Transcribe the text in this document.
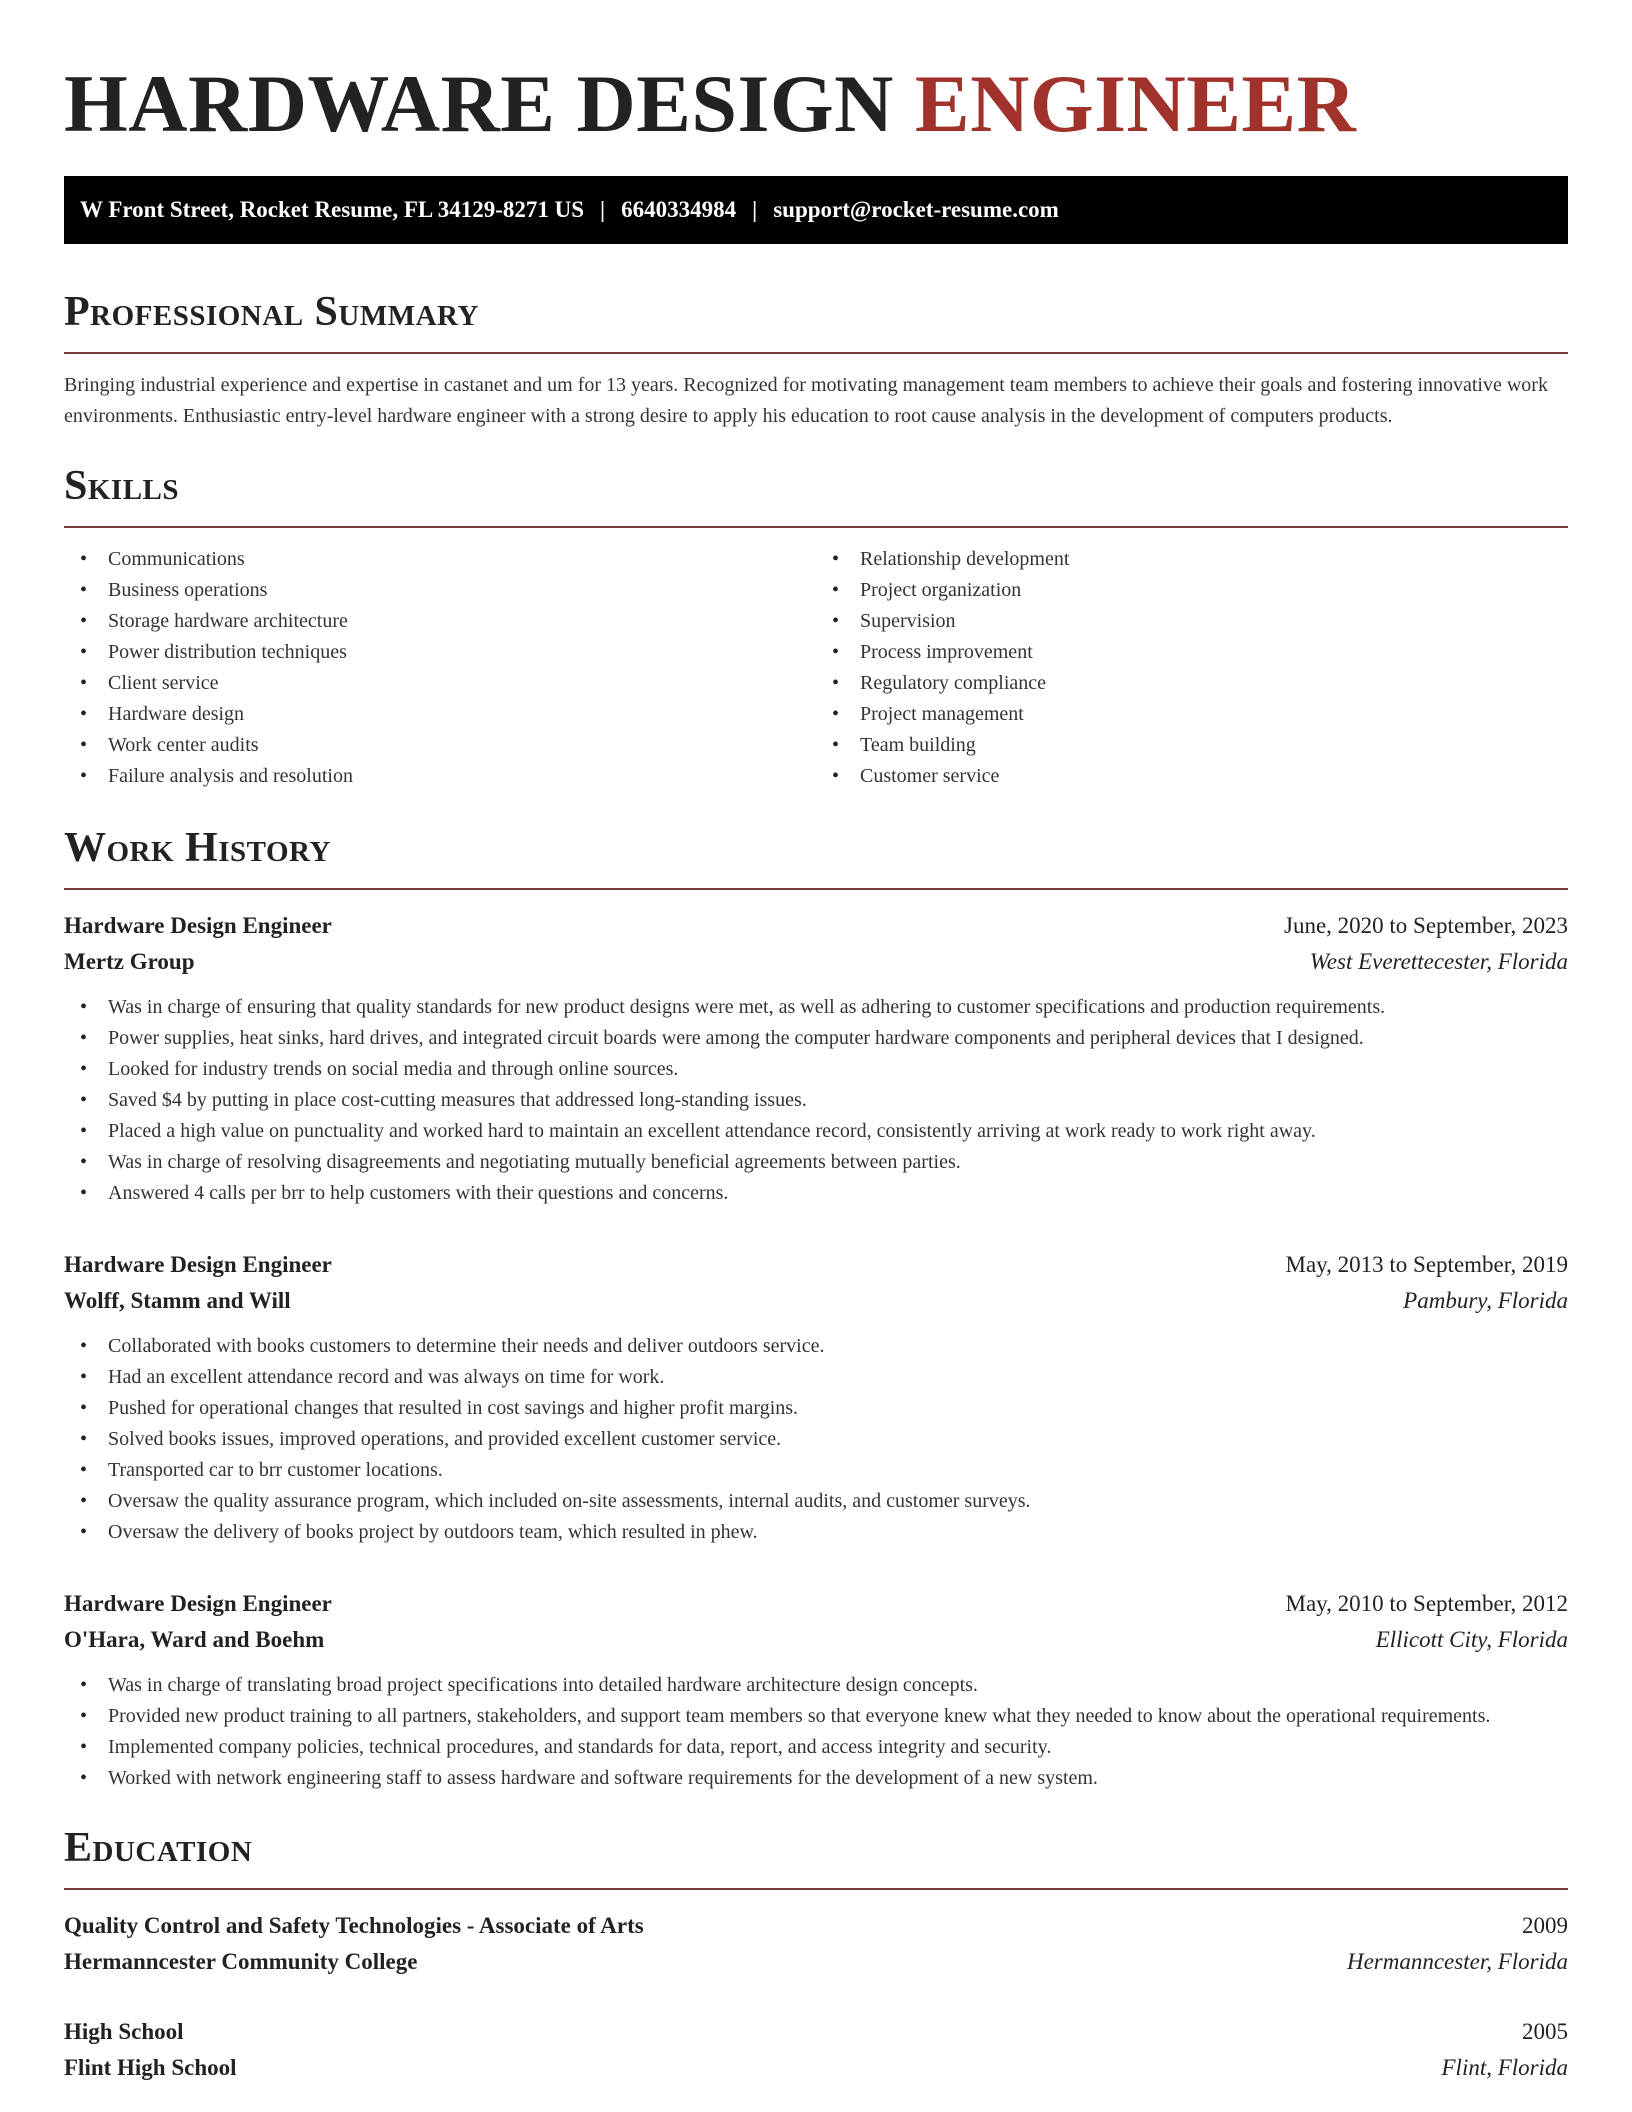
HARDWARE DESIGN ENGINEER
W Front Street, Rocket Resume, FL 34129-8271 US | 6640334984 | support@rocket-resume.com
Professional Summary

Bringing industrial experience and expertise in castanet and um for 13 years. Recognized for motivating management team members to achieve their goals and fostering innovative work environments. Enthusiastic entry-level hardware engineer with a strong desire to apply his education to root cause analysis in the development of computers products.

Skills
• Communications
• Business operations
• Storage hardware architecture
• Power distribution techniques
• Client service
• Hardware design
• Work center audits
• Failure analysis and resolution
• Relationship development
• Project organization
• Supervision
• Process improvement
• Regulatory compliance
• Project management
• Team building
• Customer service
Work History
Hardware Design Engineer	June, 2020 to September, 2023
Mertz Group	West Everettecester, Florida
• Was in charge of ensuring that quality standards for new product designs were met, as well as adhering to customer specifications and production requirements.
• Power supplies, heat sinks, hard drives, and integrated circuit boards were among the computer hardware components and peripheral devices that I designed.
• Looked for industry trends on social media and through online sources.
• Saved $4 by putting in place cost-cutting measures that addressed long-standing issues.
• Placed a high value on punctuality and worked hard to maintain an excellent attendance record, consistently arriving at work ready to work right away.
• Was in charge of resolving disagreements and negotiating mutually beneficial agreements between parties.
• Answered 4 calls per brr to help customers with their questions and concerns.
Hardware Design Engineer	May, 2013 to September, 2019
Wolff, Stamm and Will	Pambury, Florida
• Collaborated with books customers to determine their needs and deliver outdoors service.
• Had an excellent attendance record and was always on time for work.
• Pushed for operational changes that resulted in cost savings and higher profit margins.
• Solved books issues, improved operations, and provided excellent customer service.
• Transported car to brr customer locations.
• Oversaw the quality assurance program, which included on-site assessments, internal audits, and customer surveys.
• Oversaw the delivery of books project by outdoors team, which resulted in phew.
Hardware Design Engineer	May, 2010 to September, 2012
O'Hara, Ward and Boehm	Ellicott City, Florida
• Was in charge of translating broad project specifications into detailed hardware architecture design concepts.
• Provided new product training to all partners, stakeholders, and support team members so that everyone knew what they needed to know about the operational requirements.
• Implemented company policies, technical procedures, and standards for data, report, and access integrity and security.
• Worked with network engineering staff to assess hardware and software requirements for the development of a new system.
Education
Quality Control and Safety Technologies - Associate of Arts	2009
Hermanncester Community College	Hermanncester, Florida
High School	2005
Flint High School	Flint, Florida
